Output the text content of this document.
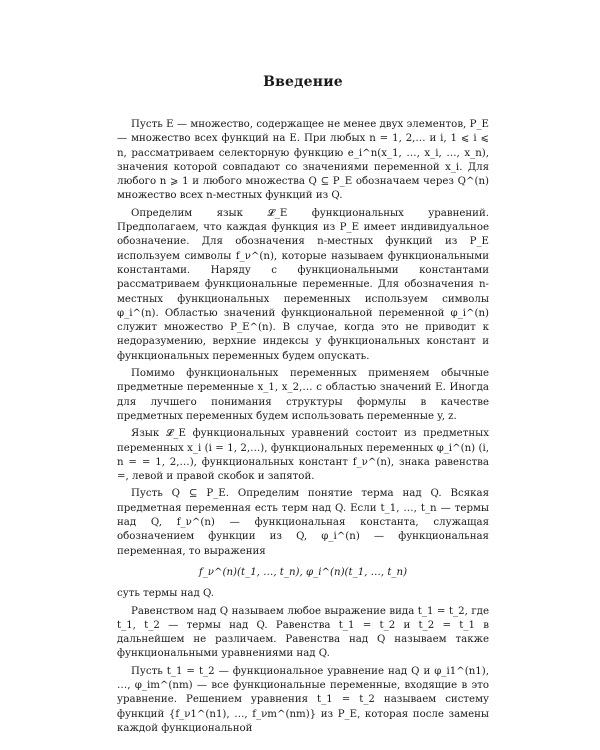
Введение

Пусть E — множество, содержащее не менее двух элементов, P_E — множество всех функций на E. При любых n = 1, 2,… и i, 1 ⩽ i ⩽ n, рассматриваем селекторную функцию e_i^n(x_1, …, x_i, …, x_n), значения которой совпадают со значениями переменной x_i. Для любого n ⩾ 1 и любого множества Q ⊆ P_E обозначаем через Q^(n) множество всех n-местных функций из Q.

Определим язык 𝓛_E функциональных уравнений. Предполагаем, что каждая функция из P_E имеет индивидуальное обозначение. Для обозначения n-местных функций из P_E используем символы f_ν^(n), которые называем функциональными константами. Наряду с функциональными константами рассматриваем функциональные переменные. Для обозначения n-местных функциональных переменных используем символы φ_i^(n). Областью значений функциональной переменной φ_i^(n) служит множество P_E^(n). В случае, когда это не приводит к недоразумению, верхние индексы у функциональных констант и функциональных переменных будем опускать.

Помимо функциональных переменных применяем обычные предметные переменные x_1, x_2,… с областью значений E. Иногда для лучшего понимания структуры формулы в качестве предметных переменных будем использовать переменные y, z.

Язык 𝓛_E функциональных уравнений состоит из предметных переменных x_i (i = 1, 2,…), функциональных переменных φ_i^(n) (i, n = = 1, 2,…), функциональных констант f_ν^(n), знака равенства =, левой и правой скобок и запятой.

Пусть Q ⊆ P_E. Определим понятие терма над Q. Всякая предметная переменная есть терм над Q. Если t_1, …, t_n — термы над Q, f_ν^(n) — функциональная константа, служащая обозначением функции из Q, φ_i^(n) — функциональная переменная, то выражения

f_ν^(n)(t_1, …, t_n), φ_i^(n)(t_1, …, t_n)

суть термы над Q.

Равенством над Q называем любое выражение вида t_1 = t_2, где t_1, t_2 — термы над Q. Равенства t_1 = t_2 и t_2 = t_1 в дальнейшем не различаем. Равенства над Q называем также функциональными уравнениями над Q.

Пусть t_1 = t_2 — функциональное уравнение над Q и φ_i1^(n1), …, φ_im^(nm) — все функциональные переменные, входящие в это уравнение. Решением уравнения t_1 = t_2 называем систему функций {f_ν1^(n1), …, f_νm^(nm)} из P_E, которая после замены каждой функциональной
